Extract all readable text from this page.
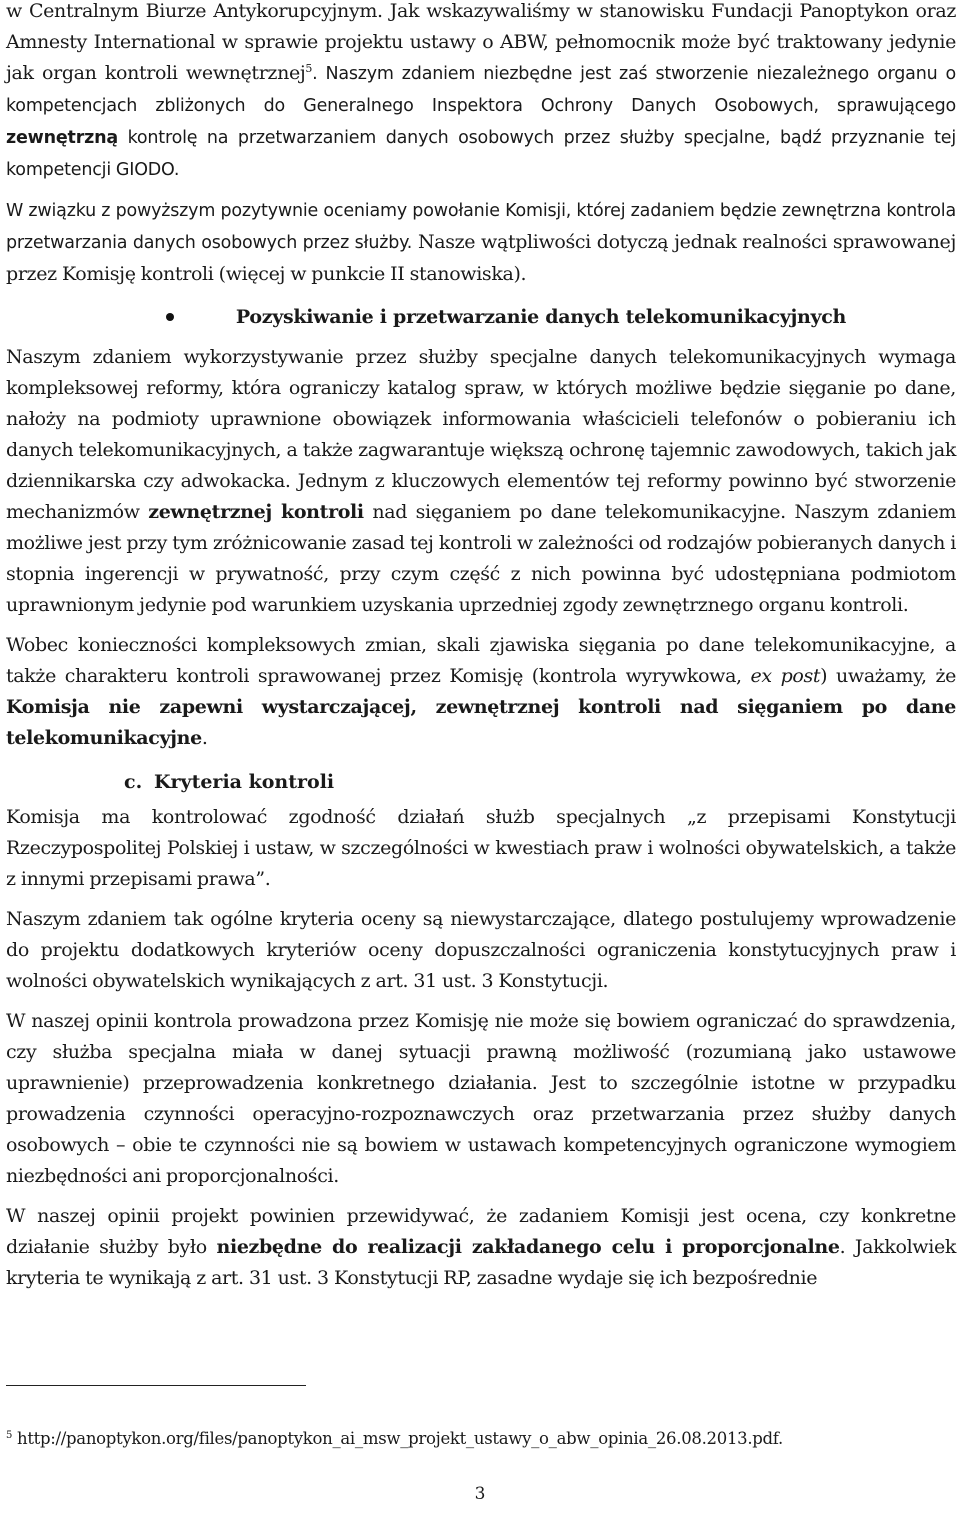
w Centralnym Biurze Antykorupcyjnym. Jak wskazywaliśmy w stanowisku Fundacji Panoptykon oraz Amnesty International w sprawie projektu ustawy o ABW, pełnomocnik może być traktowany jedynie jak organ kontroli wewnętrznej$^5$. Naszym zdaniem niezbędne jest zaś stworzenie niezależnego organu o kompetencjach zbliżonych do Generalnego Inspektora Ochrony Danych Osobowych, sprawującego zewnętrzną kontrolę na przetwarzaniem danych osobowych przez służby specjalne, bądź przyznanie tej kompetencji GIODO.

W związku z powyższym pozytywnie oceniamy powołanie Komisji, której zadaniem będzie zewnętrzna kontrola przetwarzania danych osobowych przez służby. Nasze wątpliwości dotyczą jednak realności sprawowanej przez Komisję kontroli (więcej w punkcie II stanowiska).

Pozyskiwanie i przetwarzanie danych telekomunikacyjnych

Naszym zdaniem wykorzystywanie przez służby specjalne danych telekomunikacyjnych wymaga kompleksowej reformy, która ograniczy katalog spraw, w których możliwe będzie sięganie po dane, nałoży na podmioty uprawnione obowiązek informowania właścicieli telefonów o pobieraniu ich danych telekomunikacyjnych, a także zagwarantuje większą ochronę tajemnic zawodowych, takich jak dziennikarska czy adwokacka. Jednym z kluczowych elementów tej reformy powinno być stworzenie mechanizmów zewnętrznej kontroli nad sięganiem po dane telekomunikacyjne. Naszym zdaniem możliwe jest przy tym zróżnicowanie zasad tej kontroli w zależności od rodzajów pobieranych danych i stopnia ingerencji w prywatność, przy czym część z nich powinna być udostępniana podmiotom uprawnionym jedynie pod warunkiem uzyskania uprzedniej zgody zewnętrznego organu kontroli.

Wobec konieczności kompleksowych zmian, skali zjawiska sięgania po dane telekomunikacyjne, a także charakteru kontroli sprawowanej przez Komisję (kontrola wyrywkowa, ex post) uważamy, że Komisja nie zapewni wystarczającej, zewnętrznej kontroli nad sięganiem po dane telekomunikacyjne.

c. Kryteria kontroli

Komisja ma kontrolować zgodność działań służb specjalnych „z przepisami Konstytucji Rzeczypospolitej Polskiej i ustaw, w szczególności w kwestiach praw i wolności obywatelskich, a także z innymi przepisami prawa”.

Naszym zdaniem tak ogólne kryteria oceny są niewystarczające, dlatego postulujemy wprowadzenie do projektu dodatkowych kryteriów oceny dopuszczalności ograniczenia konstytucyjnych praw i wolności obywatelskich wynikających z art. 31 ust. 3 Konstytucji.

W naszej opinii kontrola prowadzona przez Komisję nie może się bowiem ograniczać do sprawdzenia, czy służba specjalna miała w danej sytuacji prawną możliwość (rozumianą jako ustawowe uprawnienie) przeprowadzenia konkretnego działania. Jest to szczególnie istotne w przypadku prowadzenia czynności operacyjno-rozpoznawczych oraz przetwarzania przez służby danych osobowych – obie te czynności nie są bowiem w ustawach kompetencyjnych ograniczone wymogiem niezbędności ani proporcjonalności.

W naszej opinii projekt powinien przewidywać, że zadaniem Komisji jest ocena, czy konkretne działanie służby było niezbędne do realizacji zakładanego celu i proporcjonalne. Jakkolwiek kryteria te wynikają z art. 31 ust. 3 Konstytucji RP, zasadne wydaje się ich bezpośrednie

$^5$ http://panoptykon.org/files/panoptykon_ai_msw_projekt_ustawy_o_abw_opinia_26.08.2013.pdf.
3
